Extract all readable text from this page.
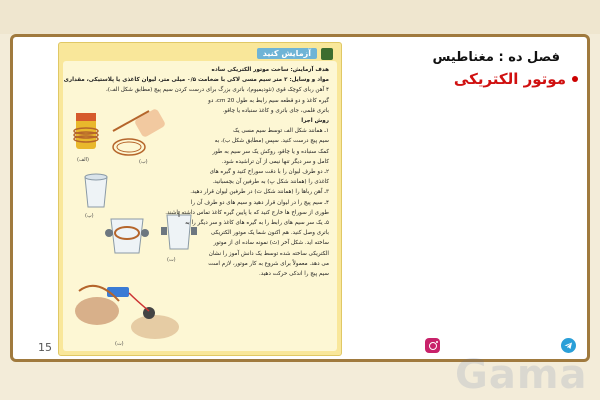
آزمایش کنید
(الف)	(ب)
(پ)
(ت)
(ث)
هدف آزمایش: ساخت موتور الکتریکی ساده
مواد و وسایل: ۲ متر سیم مسی لاکی با ضخامت ۰/۵ میلی متر، لیوان کاغذی یا پلاستیکی، مقداری
۴ آهن ربای کوچک قوی (نئودیمیوم)، باتری بزرگ برای درست کردن سیم پیچ (مطابق شکل الف)،
گیره کاغذ و دو قطعه سیم رابط به طول 20 cm، دو
باتری قلمی، جای باتری و کاغذ سنباده یا چاقو.
روش اجرا
۱ـ همانند شکل الف توسط سیم مسی یک
سیم پیچ درست کنید. سپس (مطابق شکل ب)، به
کمک سنباده و یا چاقو، روکش یک سر سیم به طور
کامل و سر دیگر تنها نیمی از آن تراشیده شود.
۲ـ دو طرف لیوان را با دقت سوراخ کنید و گیره های
کاغذی را (همانند شکل پ) به طرفین آن بچسبانید.
۳ـ آهن رباها را (همانند شکل ت) در طرفین لیوان قرار دهید.
۴ـ سیم پیچ را در لیوان قرار دهید و سیم های دو طرف آن را
طوری از سوراخ ها خارج کنید که با پایین گیره کاغذ تماس داشته باشند.
۵ـ یک سر سیم های رابط را به گیره های کاغذ و سر دیگر را به
باتری وصل کنید. هم اکنون شما یک موتور الکتریکی
ساخته اید. شکل آخر (ث) نمونه ساده ای از موتور
الکتریکی ساخته شده توسط یک دانش آموز را نشان
می دهد. معمولاً برای شروع به کار موتور، لازم است
سیم پیچ را اندکی حرکت دهید.
فصل ده : مغناطیس
موتور الکتریکی
15
Gama
